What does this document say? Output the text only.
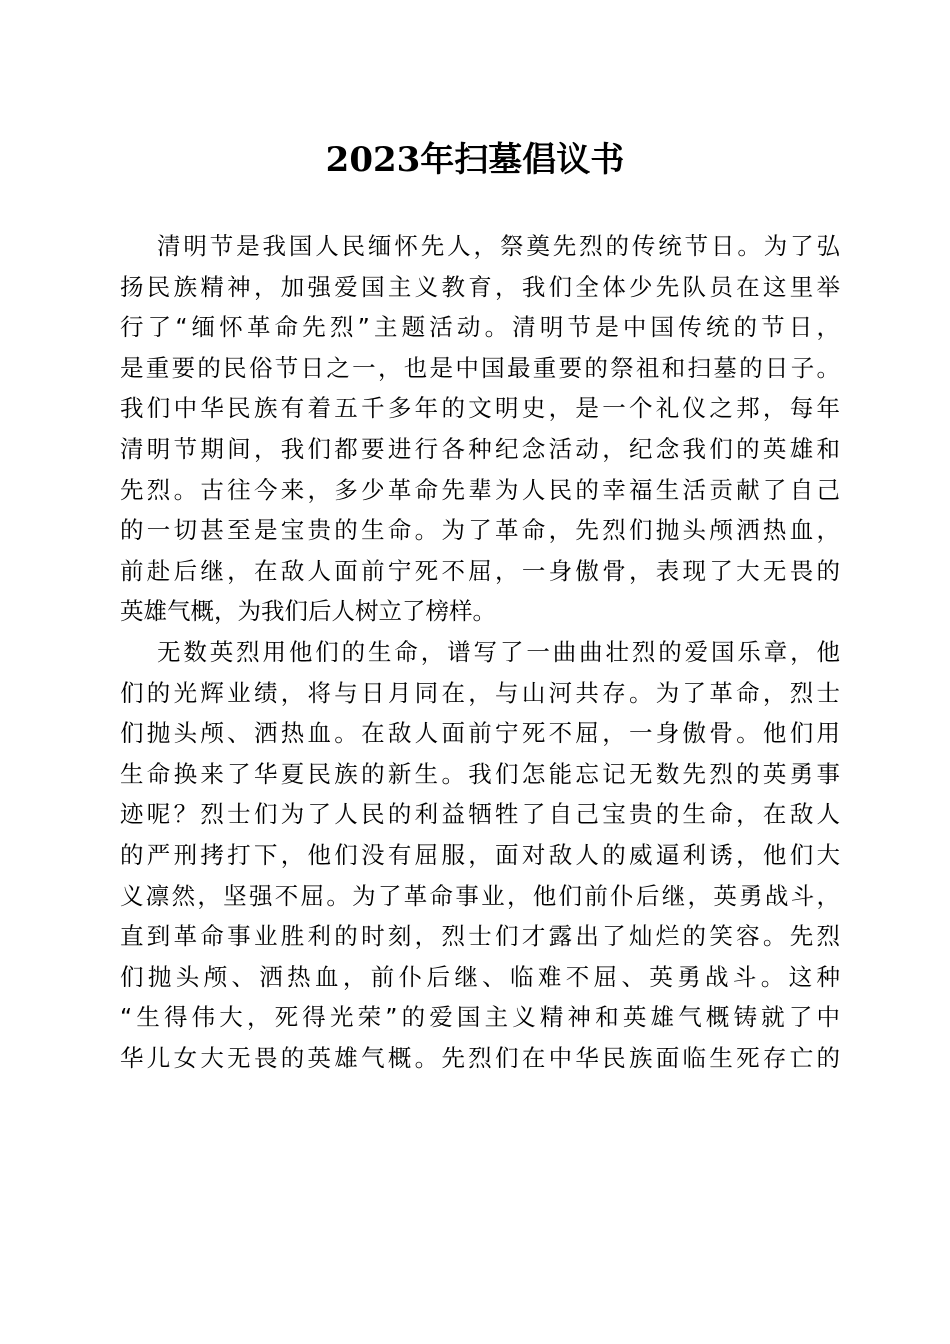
2023年扫墓倡议书
清明节是我国人民缅怀先人，祭奠先烈的传统节日。为了弘
扬民族精神，加强爱国主义教育，我们全体少先队员在这里举
行了“缅怀革命先烈”主题活动。清明节是中国传统的节日，
是重要的民俗节日之一，也是中国最重要的祭祖和扫墓的日子。
我们中华民族有着五千多年的文明史，是一个礼仪之邦，每年
清明节期间，我们都要进行各种纪念活动，纪念我们的英雄和
先烈。古往今来，多少革命先辈为人民的幸福生活贡献了自己
的一切甚至是宝贵的生命。为了革命，先烈们抛头颅洒热血，
前赴后继，在敌人面前宁死不屈，一身傲骨，表现了大无畏的
英雄气概，为我们后人树立了榜样。
无数英烈用他们的生命，谱写了一曲曲壮烈的爱国乐章，他
们的光辉业绩，将与日月同在，与山河共存。为了革命，烈士
们抛头颅、洒热血。在敌人面前宁死不屈，一身傲骨。他们用
生命换来了华夏民族的新生。我们怎能忘记无数先烈的英勇事
迹呢？烈士们为了人民的利益牺牲了自己宝贵的生命，在敌人
的严刑拷打下，他们没有屈服，面对敌人的威逼利诱，他们大
义凛然，坚强不屈。为了革命事业，他们前仆后继，英勇战斗，
直到革命事业胜利的时刻，烈士们才露出了灿烂的笑容。先烈
们抛头颅、洒热血，前仆后继、临难不屈、英勇战斗。这种
“生得伟大，死得光荣”的爱国主义精神和英雄气概铸就了中
华儿女大无畏的英雄气概。先烈们在中华民族面临生死存亡的
